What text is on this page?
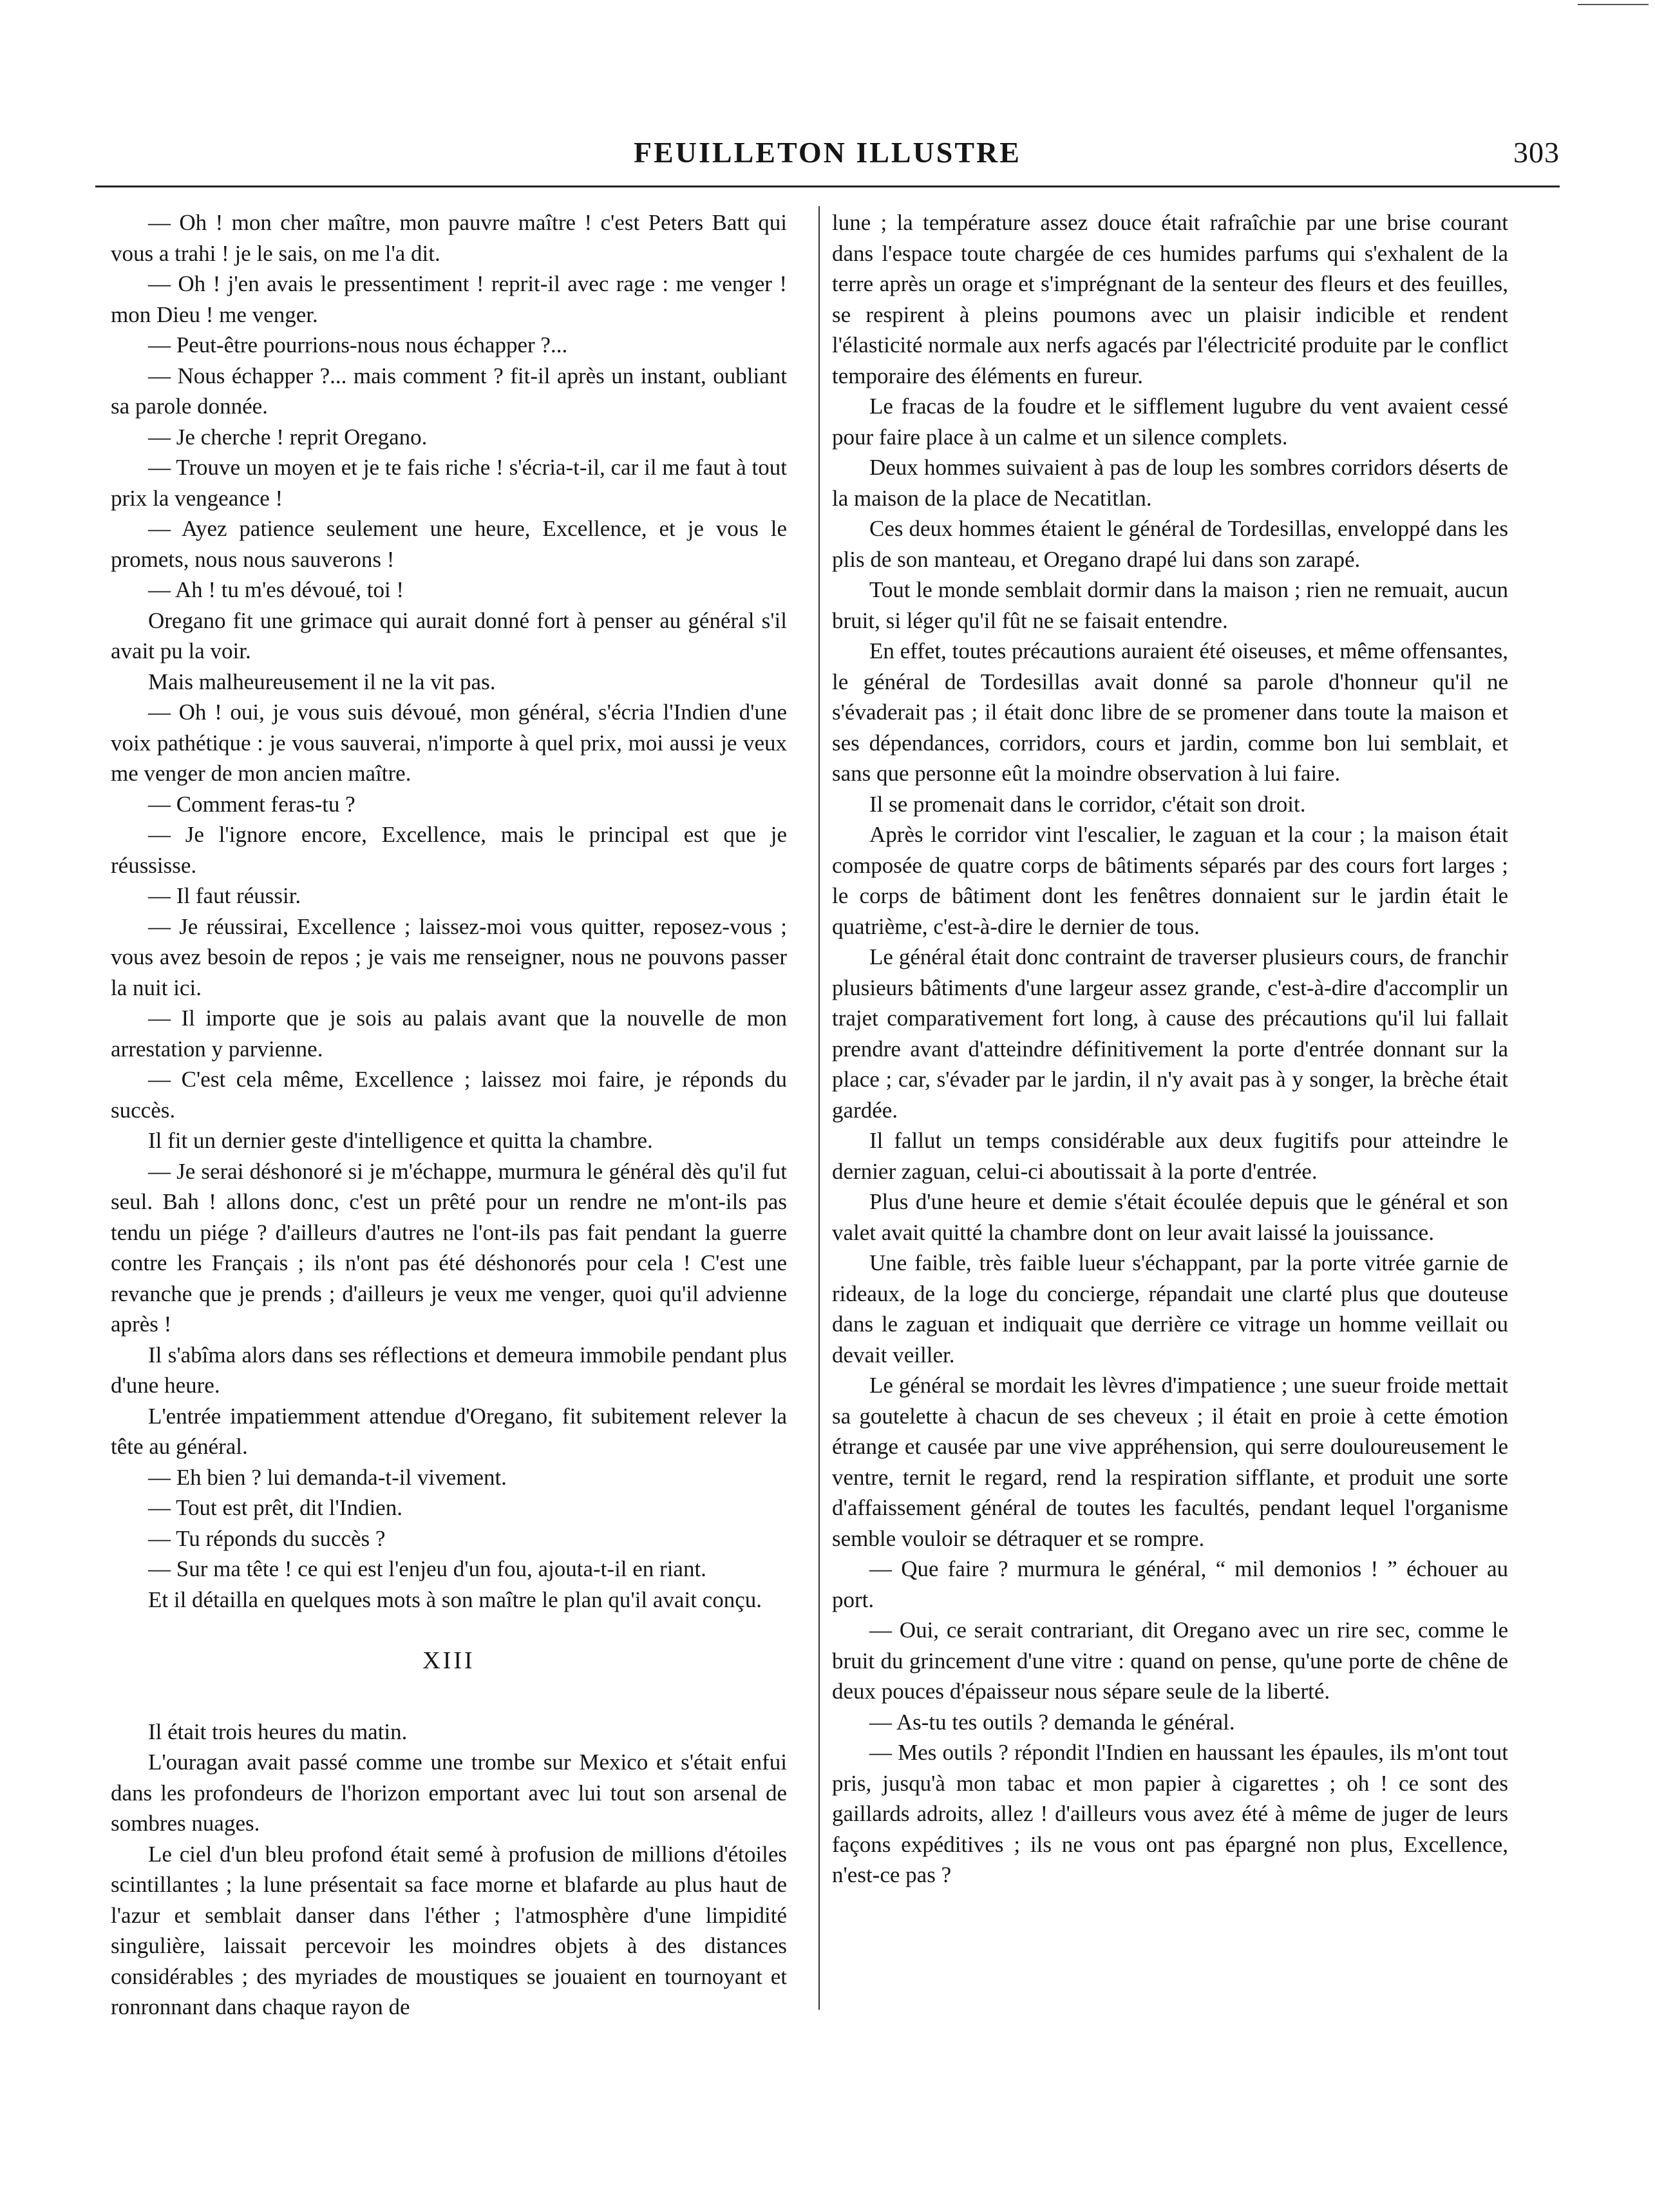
FEUILLETON ILLUSTRE	303

— Oh ! mon cher maître, mon pauvre maître ! c'est Peters Batt qui vous a trahi ! je le sais, on me l'a dit.

— Oh ! j'en avais le pressentiment ! reprit-il avec rage : me venger ! mon Dieu ! me venger.

— Peut-être pourrions-nous nous échapper ?...

— Nous échapper ?... mais comment ? fit-il après un instant, oubliant sa parole donnée.

— Je cherche ! reprit Oregano.

— Trouve un moyen et je te fais riche ! s'écria-t-il, car il me faut à tout prix la vengeance !

— Ayez patience seulement une heure, Excellence, et je vous le promets, nous nous sauverons !

— Ah ! tu m'es dévoué, toi !

Oregano fit une grimace qui aurait donné fort à penser au général s'il avait pu la voir.

Mais malheureusement il ne la vit pas.

— Oh ! oui, je vous suis dévoué, mon général, s'écria l'Indien d'une voix pathétique : je vous sauverai, n'importe à quel prix, moi aussi je veux me venger de mon ancien maître.

— Comment feras-tu ?

— Je l'ignore encore, Excellence, mais le principal est que je réussisse.

— Il faut réussir.

— Je réussirai, Excellence ; laissez-moi vous quitter, reposez-vous ; vous avez besoin de repos ; je vais me renseigner, nous ne pouvons passer la nuit ici.

— Il importe que je sois au palais avant que la nouvelle de mon arrestation y parvienne.

— C'est cela même, Excellence ; laissez moi faire, je réponds du succès.

Il fit un dernier geste d'intelligence et quitta la chambre.

— Je serai déshonoré si je m'échappe, murmura le général dès qu'il fut seul. Bah ! allons donc, c'est un prêté pour un rendre ne m'ont-ils pas tendu un piége ? d'ailleurs d'autres ne l'ont-ils pas fait pendant la guerre contre les Français ; ils n'ont pas été déshonorés pour cela ! C'est une revanche que je prends ; d'ailleurs je veux me venger, quoi qu'il advienne après !

Il s'abîma alors dans ses réflections et demeura immobile pendant plus d'une heure.

L'entrée impatiemment attendue d'Oregano, fit subitement relever la tête au général.

— Eh bien ? lui demanda-t-il vivement.

— Tout est prêt, dit l'Indien.

— Tu réponds du succès ?

— Sur ma tête ! ce qui est l'enjeu d'un fou, ajouta-t-il en riant.

Et il détailla en quelques mots à son maître le plan qu'il avait conçu.

XIII

Il était trois heures du matin.

L'ouragan avait passé comme une trombe sur Mexico et s'était enfui dans les profondeurs de l'horizon emportant avec lui tout son arsenal de sombres nuages.

Le ciel d'un bleu profond était semé à profusion de millions d'étoiles scintillantes ; la lune présentait sa face morne et blafarde au plus haut de l'azur et semblait danser dans l'éther ; l'atmosphère d'une limpidité singulière, laissait percevoir les moindres objets à des distances considérables ; des myriades de moustiques se jouaient en tournoyant et ronronnant dans chaque rayon de

lune ; la température assez douce était rafraîchie par une brise courant dans l'espace toute chargée de ces humides parfums qui s'exhalent de la terre après un orage et s'imprégnant de la senteur des fleurs et des feuilles, se respirent à pleins poumons avec un plaisir indicible et rendent l'élasticité normale aux nerfs agacés par l'électricité produite par le conflict temporaire des éléments en fureur.

Le fracas de la foudre et le sifflement lugubre du vent avaient cessé pour faire place à un calme et un silence complets.

Deux hommes suivaient à pas de loup les sombres corridors déserts de la maison de la place de Necatitlan.

Ces deux hommes étaient le général de Tordesillas, enveloppé dans les plis de son manteau, et Oregano drapé lui dans son zarapé.

Tout le monde semblait dormir dans la maison ; rien ne remuait, aucun bruit, si léger qu'il fût ne se faisait entendre.

En effet, toutes précautions auraient été oiseuses, et même offensantes, le général de Tordesillas avait donné sa parole d'honneur qu'il ne s'évaderait pas ; il était donc libre de se promener dans toute la maison et ses dépendances, corridors, cours et jardin, comme bon lui semblait, et sans que personne eût la moindre observation à lui faire.

Il se promenait dans le corridor, c'était son droit.

Après le corridor vint l'escalier, le zaguan et la cour ; la maison était composée de quatre corps de bâtiments séparés par des cours fort larges ; le corps de bâtiment dont les fenêtres donnaient sur le jardin était le quatrième, c'est-à-dire le dernier de tous.

Le général était donc contraint de traverser plusieurs cours, de franchir plusieurs bâtiments d'une largeur assez grande, c'est-à-dire d'accomplir un trajet comparativement fort long, à cause des précautions qu'il lui fallait prendre avant d'atteindre définitivement la porte d'entrée donnant sur la place ; car, s'évader par le jardin, il n'y avait pas à y songer, la brèche était gardée.

Il fallut un temps considérable aux deux fugitifs pour atteindre le dernier zaguan, celui-ci aboutissait à la porte d'entrée.

Plus d'une heure et demie s'était écoulée depuis que le général et son valet avait quitté la chambre dont on leur avait laissé la jouissance.

Une faible, très faible lueur s'échappant, par la porte vitrée garnie de rideaux, de la loge du concierge, répandait une clarté plus que douteuse dans le zaguan et indiquait que derrière ce vitrage un homme veillait ou devait veiller.

Le général se mordait les lèvres d'impatience ; une sueur froide mettait sa goutelette à chacun de ses cheveux ; il était en proie à cette émotion étrange et causée par une vive appréhension, qui serre douloureusement le ventre, ternit le regard, rend la respiration sifflante, et produit une sorte d'affaissement général de toutes les facultés, pendant lequel l'organisme semble vouloir se détraquer et se rompre.

— Que faire ? murmura le général, “ mil demonios ! ” échouer au port.

— Oui, ce serait contrariant, dit Oregano avec un rire sec, comme le bruit du grincement d'une vitre : quand on pense, qu'une porte de chêne de deux pouces d'épaisseur nous sépare seule de la liberté.

— As-tu tes outils ? demanda le général.

— Mes outils ? répondit l'Indien en haussant les épaules, ils m'ont tout pris, jusqu'à mon tabac et mon papier à cigarettes ; oh ! ce sont des gaillards adroits, allez ! d'ailleurs vous avez été à même de juger de leurs façons expéditives ; ils ne vous ont pas épargné non plus, Excellence, n'est-ce pas ?
